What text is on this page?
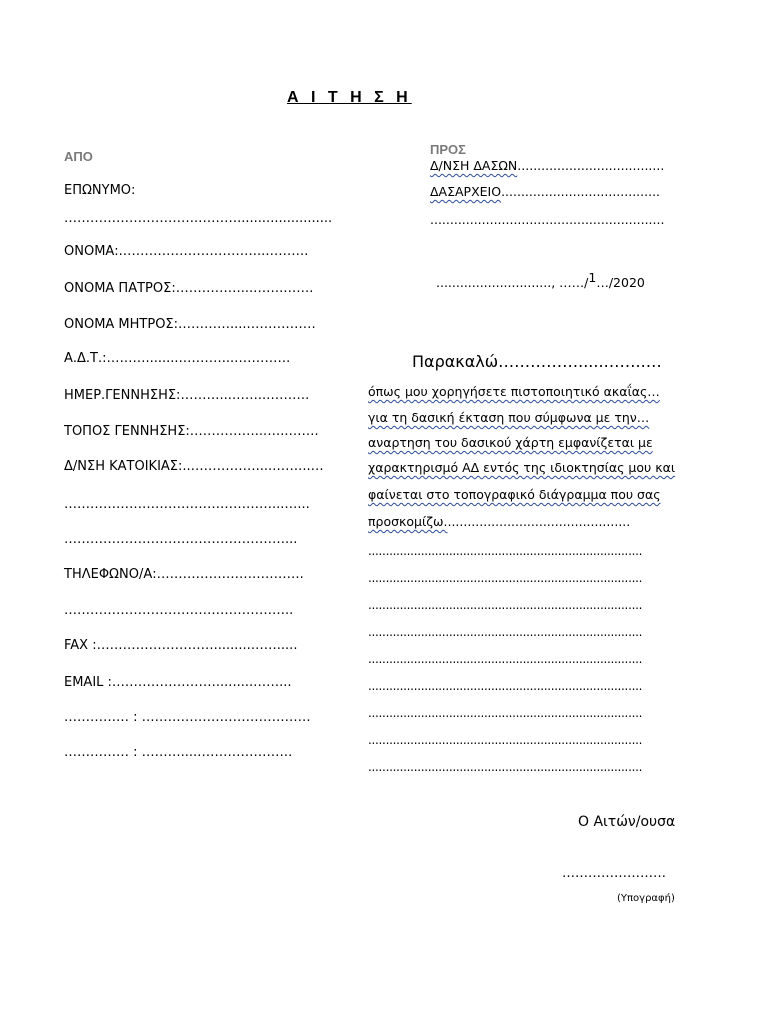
Α Ι Τ Η Σ Η
ΑΠΟ	ΠΡΟΣ
ΕΠΩΝΥΜΟ:
………………………….……….......................
ΟΝΟΜΑ:.…………………………...……….
ΟΝΟΜΑ ΠΑΤΡΟΣ:……………...…….…….
ΟΝΟΜΑ ΜΗΤΡΟΣ:………….....……………
Α.Δ.Τ.:……….........………...………….
ΗΜΕΡ.ΓΕΝΝΗΣΗΣ:………...……..……….
ΤΟΠΟΣ ΓΕΝΝΗΣΗΣ:……………...…..…….
Δ/ΝΣΗ ΚΑΤΟΙΚΙΑΣ:..……………....……...…
…………………………………………...…...
……………………………………………...
ΤΗΛΕΦΩΝΟ/Α:…………………………….
……………………………………………..
FAX :……………………….........…….....
EMAIL :…………………….........……...
…………… : …………………………………
…………… : ………....………………….
Δ/ΝΣΗ ΔΑΣΩΝ.....................................
ΔΑΣΑΡΧΕΙΟ........................................
...........................................................
............................., ……/1…/2020
Παρακαλώ…………….....……..…
όπως μου χορηγήσετε πιστοποιητικό ακαΐας…
για τη δασική έκταση που σύμφωνα με την…
αναρτηση του δασικού χάρτη εμφανίζεται με
χαρακτηρισμό ΑΔ εντός της ιδιοκτησίας μου και
φαίνεται στο τοπογραφικό διάγραμμα που σας
προσκομίζω...............................................
..............................................................................
..............................................................................
..............................................................................
..............................................................................
..............................................................................
..............................................................................
..............................................................................
..............................................................................
..............................................................................
Ο Αιτών/ουσα
……………………
(Υπογραφή)
